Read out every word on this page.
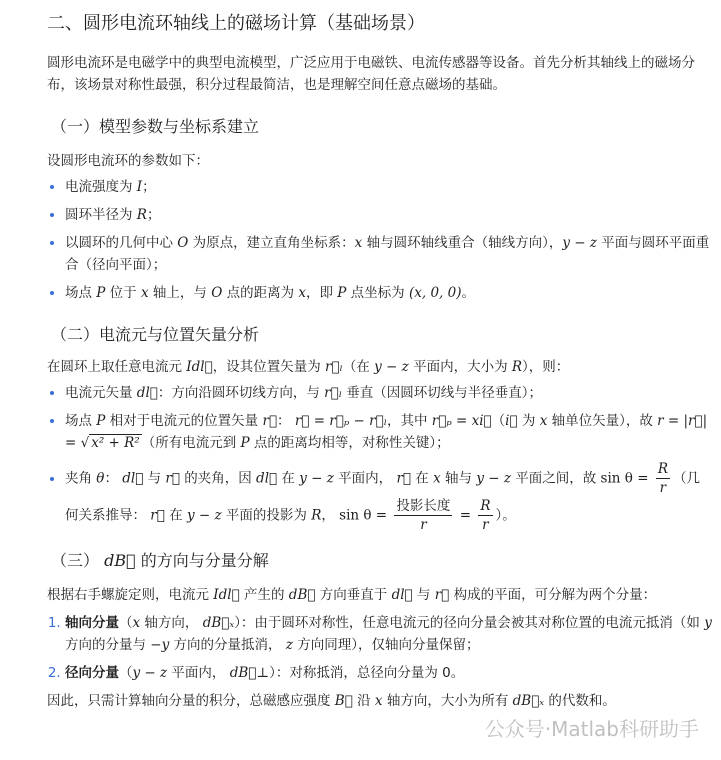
二、圆形电流环轴线上的磁场计算（基础场景）

圆形电流环是电磁学中的典型电流模型，广泛应用于电磁铁、电流传感器等设备。首先分析其轴线上的磁场分布，该场景对称性最强，积分过程最简洁，也是理解空间任意点磁场的基础。

（一）模型参数与坐标系建立

设圆形电流环的参数如下：

• 电流强度为 I；
• 圆环半径为 R；
• 以圆环的几何中心 O 为原点，建立直角坐标系：x 轴与圆环轴线重合（轴线方向），y − z 平面与圆环平面重合（径向平面）；
• 场点 P 位于 x 轴上，与 O 点的距离为 x，即 P 点坐标为 (x, 0, 0)。
（二）电流元与位置矢量分析

在圆环上取任意电流元 Idl⃗，设其位置矢量为 r⃗ₗ（在 y − z 平面内，大小为 R），则：

• 电流元矢量 dl⃗：方向沿圆环切线方向，与 r⃗ₗ 垂直（因圆环切线与半径垂直）；
• 场点 P 相对于电流元的位置矢量 r⃗： r⃗ = r⃗ₚ − r⃗ₗ，其中 r⃗ₚ = xi⃗（i⃗ 为 x 轴单位矢量），故 r = |r⃗| = √ x² + R² （所有电流元到 P 点的距离均相等，对称性关键）；
• 夹角 θ： dl⃗ 与 r⃗ 的夹角，因 dl⃗ 在 y − z 平面内， r⃗ 在 x 轴与 y − z 平面之间，故 $\sin \theta = \frac{R}{r}$ （几何关系推导： r⃗ 在 y − z 平面的投影为 R， $\sin \theta = \frac{\text{投影长度}}{r} = \frac{R}{r}$ ）。
（三） dB⃗ 的方向与分量分解

根据右手螺旋定则，电流元 Idl⃗ 产生的 dB⃗ 方向垂直于 dl⃗ 与 r⃗ 构成的平面，可分解为两个分量：

1. 轴向分量（x 轴方向， dB⃗ₓ）：由于圆环对称性，任意电流元的径向分量会被其对称位置的电流元抵消（如 y 方向的分量与 −y 方向的分量抵消， z 方向同理），仅轴向分量保留；
2. 径向分量（y − z 平面内， dB⃗⊥）：对称抵消，总径向分量为 0。

因此，只需计算轴向分量的积分，总磁感应强度 B⃗ 沿 x 轴方向，大小为所有 dB⃗ₓ 的代数和。

公众号·Matlab科研助手
